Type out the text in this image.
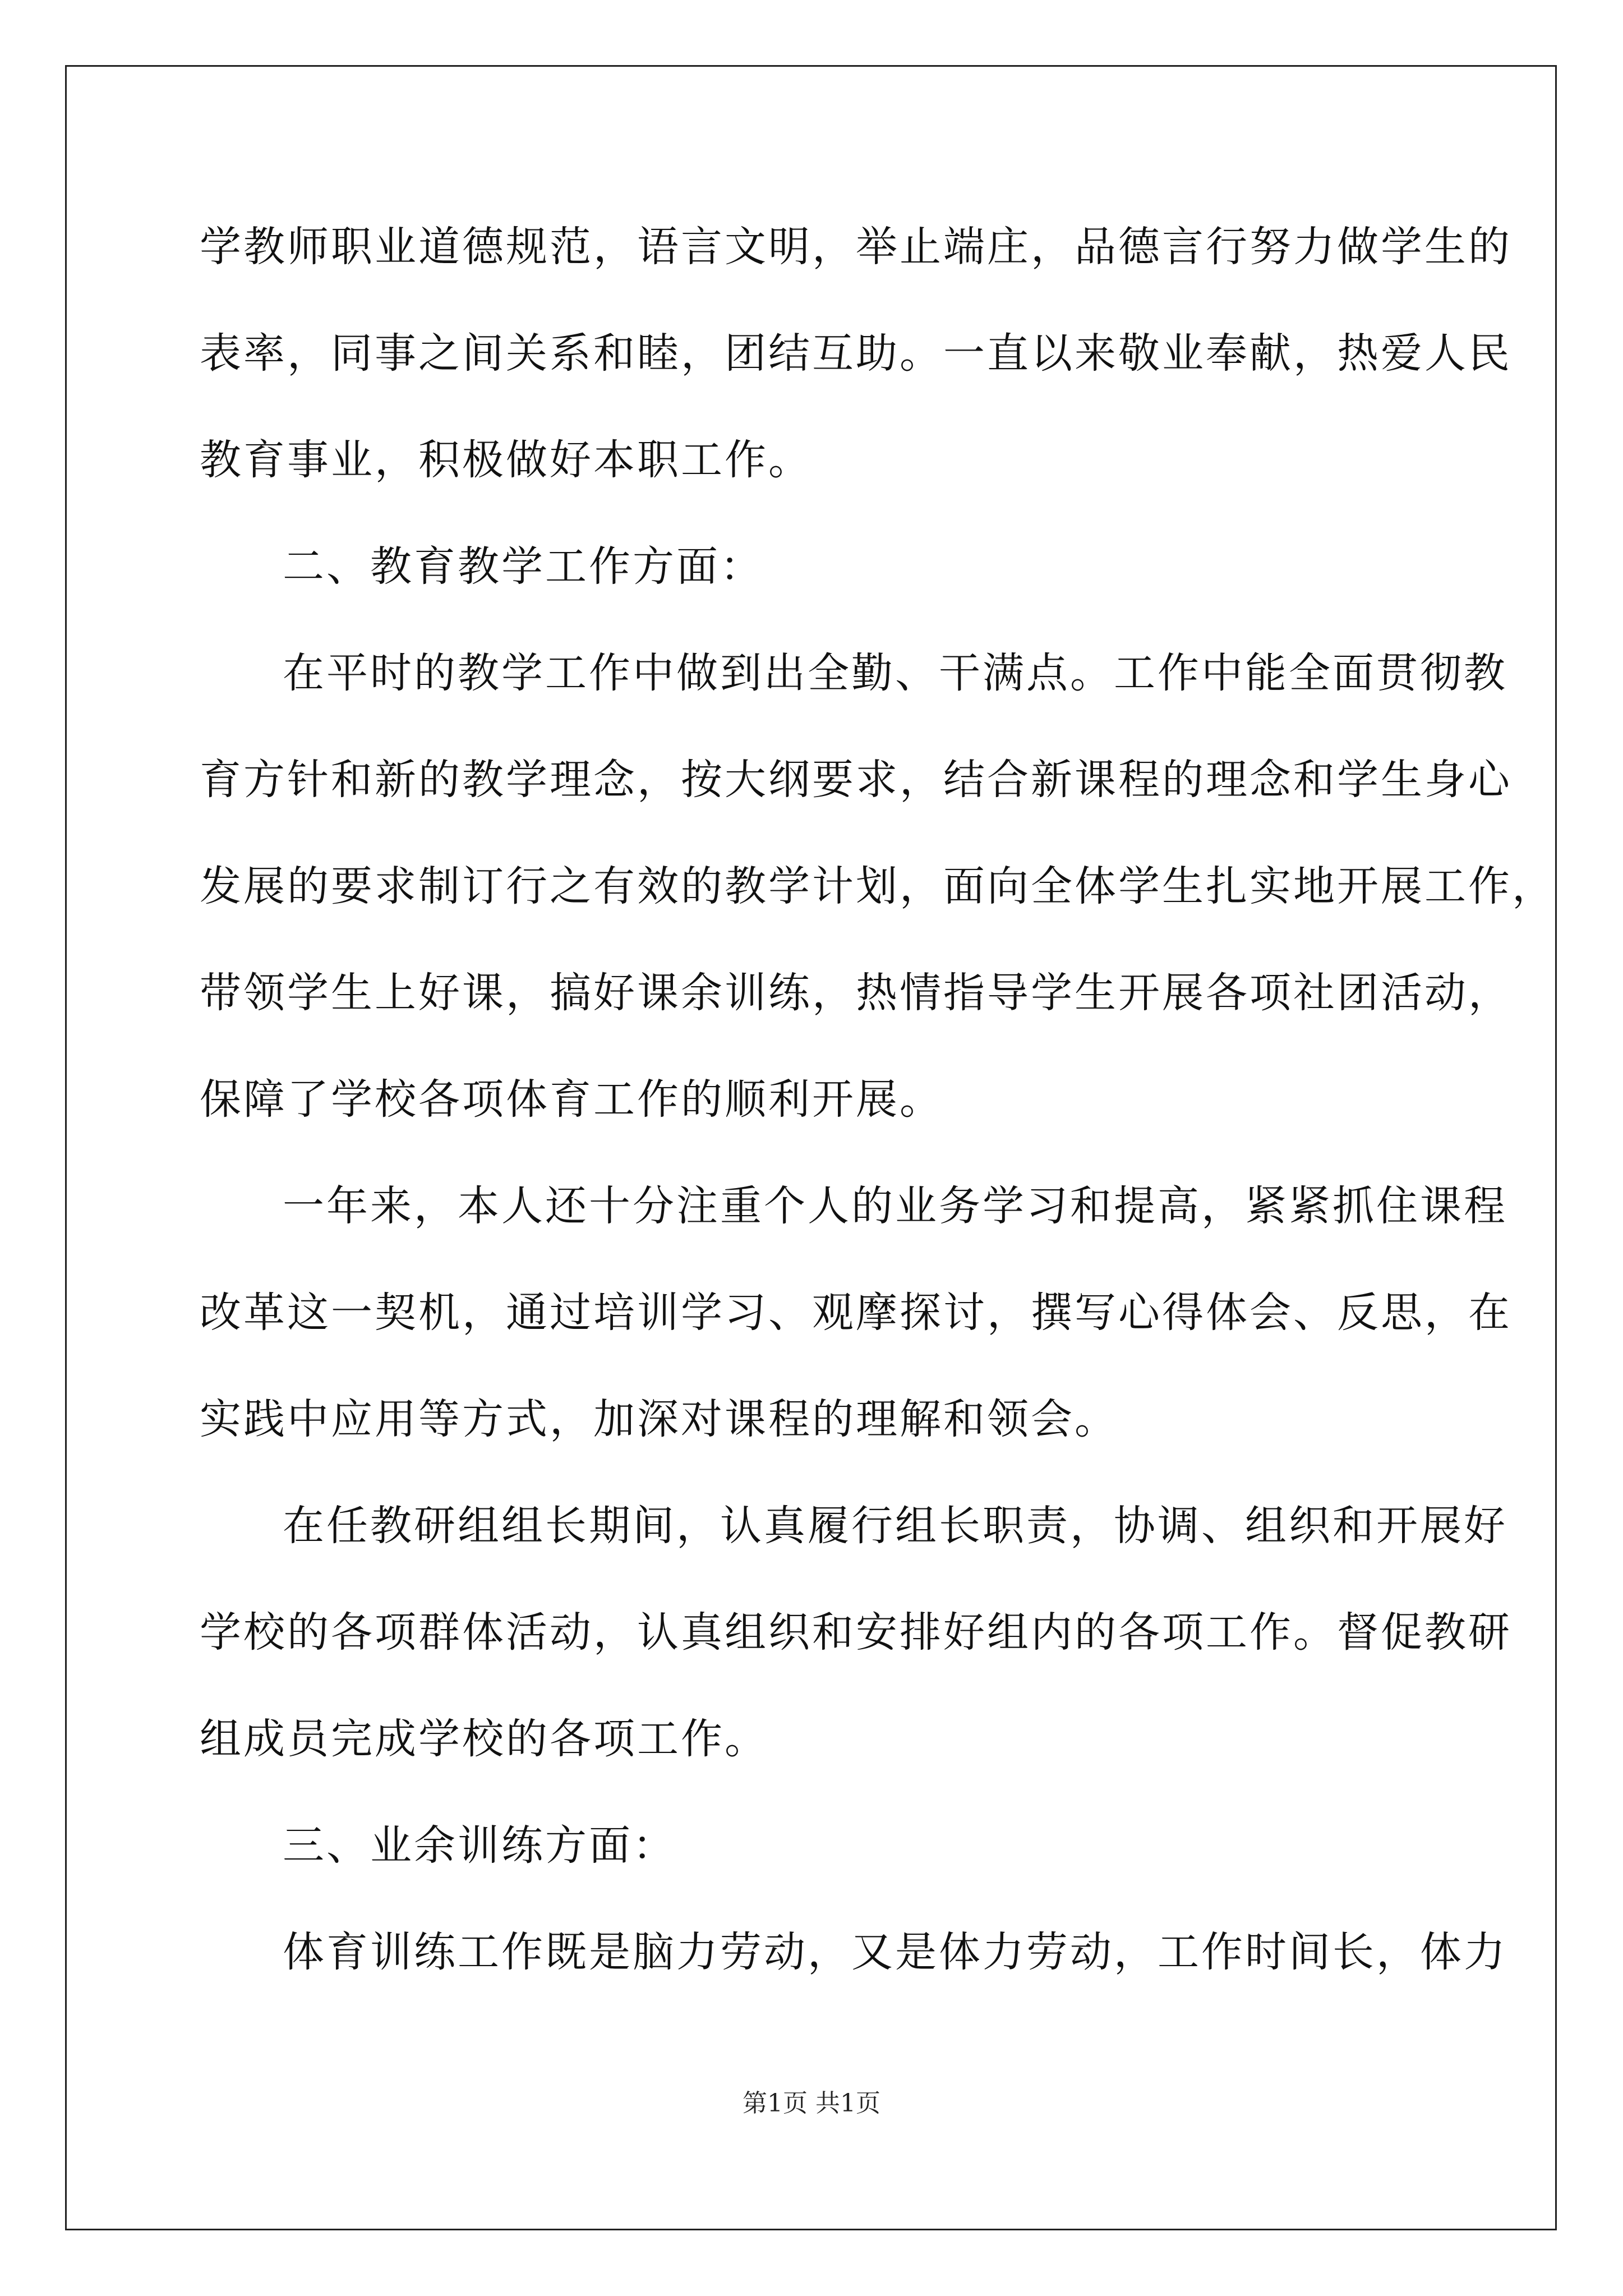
学教师职业道德规范，语言文明，举止端庄，品德言行努力做学生的
表率，同事之间关系和睦，团结互助。一直以来敬业奉献，热爱人民
教育事业，积极做好本职工作。
二、教育教学工作方面：
在平时的教学工作中做到出全勤、干满点。工作中能全面贯彻教
育方针和新的教学理念，按大纲要求，结合新课程的理念和学生身心
发展的要求制订行之有效的教学计划，面向全体学生扎实地开展工作，
带领学生上好课，搞好课余训练，热情指导学生开展各项社团活动，
保障了学校各项体育工作的顺利开展。
一年来，本人还十分注重个人的业务学习和提高，紧紧抓住课程
改革这一契机，通过培训学习、观摩探讨，撰写心得体会、反思，在
实践中应用等方式，加深对课程的理解和领会。
在任教研组组长期间，认真履行组长职责，协调、组织和开展好
学校的各项群体活动，认真组织和安排好组内的各项工作。督促教研
组成员完成学校的各项工作。
三、业余训练方面：
体育训练工作既是脑力劳动，又是体力劳动，工作时间长，体力
第1页 共1页
